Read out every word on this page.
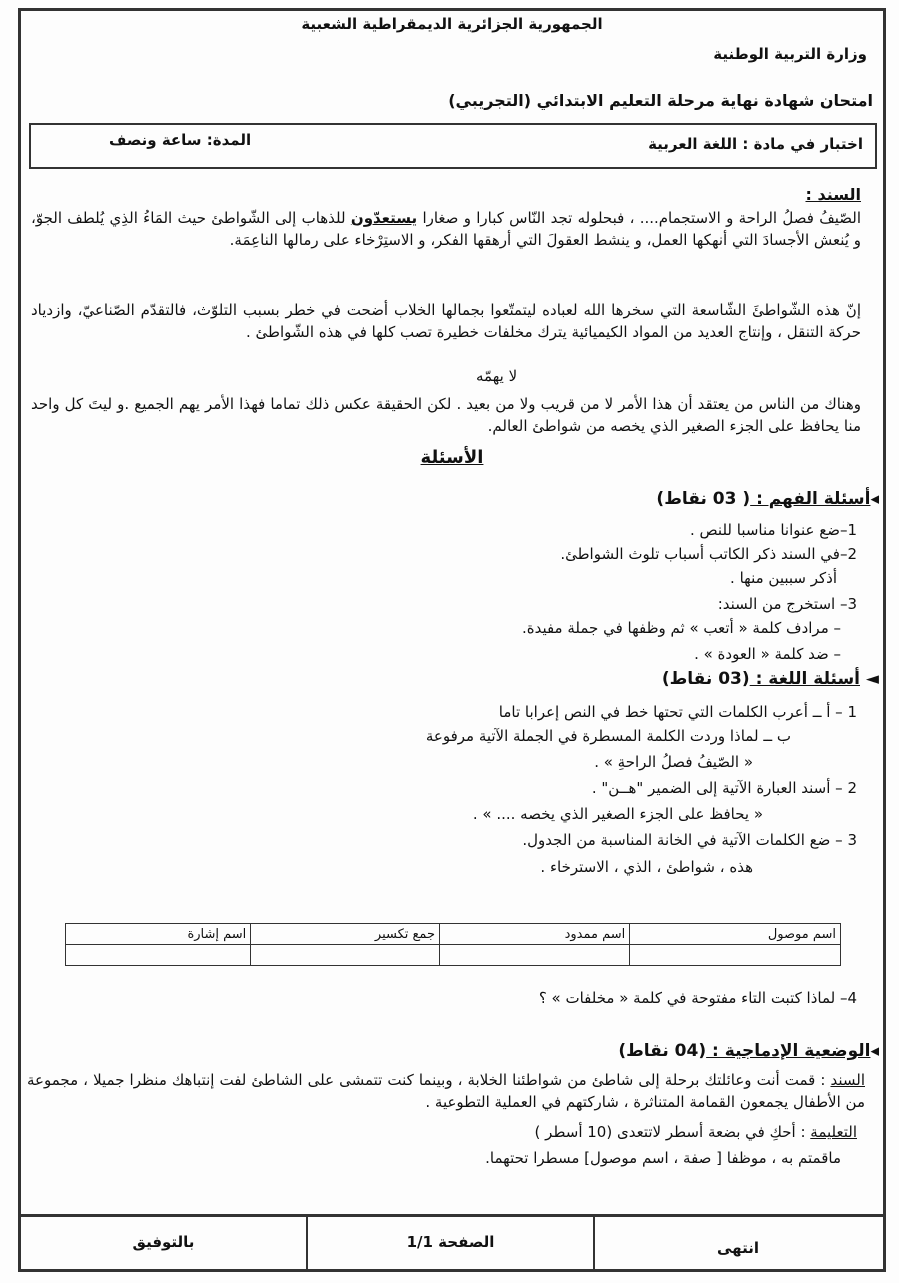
الجمهورية الجزائرية الديمقراطية الشعبية
وزارة التربية الوطنية
امتحان شهادة نهاية مرحلة التعليم الابتدائي (التجريبي)
اختبار في مادة : اللغة العربية
المدة: ساعة ونصف
السند :
الصّيفُ فصلُ الراحة و الاستجمام.... ، فبحلوله تجد النّاس كبارا و صغارا يستعدّون للذهاب إلى الشّواطئ حيث المَاءُ الذِي يُلطف الجوّ، و يُنعش الأجسادَ التي أنهكها العمل، و ينشط العقولَ التي أرهقها الفكر، و الاستِرْخاء على رمالها الناعِمَة.
إنّ هذه الشّواطئَ الشّاسعة التي سخرها الله لعباده ليتمتّعوا بجمالها الخلاب أضحت في خطر بسبب التلوّث، فالتقدّم الصّناعيّ، وازدياد حركة التنقل ، وإنتاج العديد من المواد الكيميائية يترك مخلفات خطيرة تصب كلها في هذه الشّواطئ .
لا يهمّه
وهناك من الناس من يعتقد أن هذا الأمر لا من قريب ولا من بعيد . لكن الحقيقة عكس ذلك تماما فهذا الأمر يهم الجميع .و ليتَ كل واحد منا يحافظ على الجزء الصغير الذي يخصه من شواطئ العالم.
الأسئلة
◂أسئلة الفهم : ( 03 نقاط)
1–ضع عنوانا مناسبا للنص .
2–في السند ذكر الكاتب أسباب تلوث الشواطئ.
أذكر سببين منها .
3– استخرج من السند:
– مرادف كلمة « أتعب » ثم وظفها في جملة مفيدة.
– ضد كلمة « العودة » .
◄ أسئلة اللغة : (03 نقاط)
1 – أ ــ أعرب الكلمات التي تحتها خط في النص إعرابا تاما
ب ــ لماذا وردت الكلمة المسطرة في الجملة الآتية مرفوعة
« الصّيفُ فصلُ الراحةِ » .
2 – أسند العبارة الآتية إلى الضمير "هــن" .
« يحافظ على الجزء الصغير الذي يخصه .... » .
3 – ضع الكلمات الآتية في الخانة المناسبة من الجدول.
هذه ، شواطئ ، الذي ، الاسترخاء .
اسم موصول	اسم ممدود	جمع تكسير	اسم إشارة

4– لماذا كتبت التاء مفتوحة في كلمة « مخلفات » ؟
◂الوضعية الإدماجية : (04 نقاط)
السند : قمت أنت وعائلتك برحلة إلى شاطئ من شواطئنا الخلابة ، وبينما كنت تتمشى على الشاطئ لفت إنتباهك منظرا جميلا ، مجموعة من الأطفال يجمعون القمامة المتناثرة ، شاركتهم في العملية التطوعية .
التعليمة : أحكِ في بضعة أسطر لاتتعدى (10 أسطر )
ماقمتم به ، موظفا [ صفة ، اسم موصول] مسطرا تحتهما.
انتهى
الصفحة 1/1
بالتوفيق
